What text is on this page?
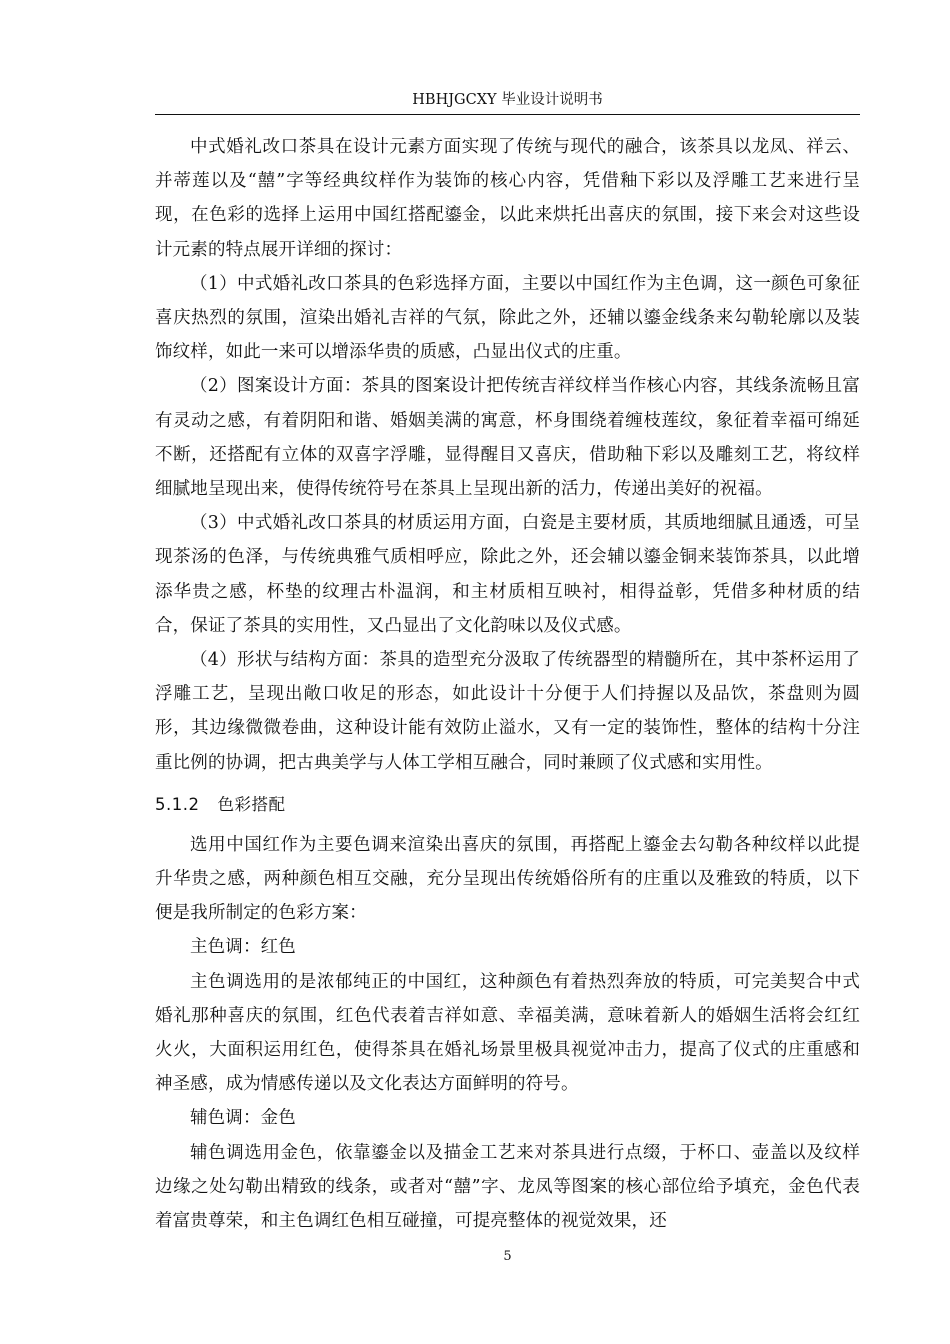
HBHJGCXY 毕业设计说明书

中式婚礼改口茶具在设计元素方面实现了传统与现代的融合，该茶具以龙凤、祥云、并蒂莲以及“囍”字等经典纹样作为装饰的核心内容，凭借釉下彩以及浮雕工艺来进行呈现，在色彩的选择上运用中国红搭配鎏金，以此来烘托出喜庆的氛围，接下来会对这些设计元素的特点展开详细的探讨：

（1）中式婚礼改口茶具的色彩选择方面，主要以中国红作为主色调，这一颜色可象征喜庆热烈的氛围，渲染出婚礼吉祥的气氛，除此之外，还辅以鎏金线条来勾勒轮廓以及装饰纹样，如此一来可以增添华贵的质感，凸显出仪式的庄重。

（2）图案设计方面：茶具的图案设计把传统吉祥纹样当作核心内容，其线条流畅且富有灵动之感，有着阴阳和谐、婚姻美满的寓意，杯身围绕着缠枝莲纹，象征着幸福可绵延不断，还搭配有立体的双喜字浮雕，显得醒目又喜庆，借助釉下彩以及雕刻工艺，将纹样细腻地呈现出来，使得传统符号在茶具上呈现出新的活力，传递出美好的祝福。

（3）中式婚礼改口茶具的材质运用方面，白瓷是主要材质，其质地细腻且通透，可呈现茶汤的色泽，与传统典雅气质相呼应，除此之外，还会辅以鎏金铜来装饰茶具，以此增添华贵之感，杯垫的纹理古朴温润，和主材质相互映衬，相得益彰，凭借多种材质的结合，保证了茶具的实用性，又凸显出了文化韵味以及仪式感。

（4）形状与结构方面：茶具的造型充分汲取了传统器型的精髓所在，其中茶杯运用了浮雕工艺，呈现出敞口收足的形态，如此设计十分便于人们持握以及品饮，茶盘则为圆形，其边缘微微卷曲，这种设计能有效防止溢水，又有一定的装饰性，整体的结构十分注重比例的协调，把古典美学与人体工学相互融合，同时兼顾了仪式感和实用性。

5.1.2 色彩搭配

选用中国红作为主要色调来渲染出喜庆的氛围，再搭配上鎏金去勾勒各种纹样以此提升华贵之感，两种颜色相互交融，充分呈现出传统婚俗所有的庄重以及雅致的特质，以下便是我所制定的色彩方案：

主色调：红色

主色调选用的是浓郁纯正的中国红，这种颜色有着热烈奔放的特质，可完美契合中式婚礼那种喜庆的氛围，红色代表着吉祥如意、幸福美满，意味着新人的婚姻生活将会红红火火，大面积运用红色，使得茶具在婚礼场景里极具视觉冲击力，提高了仪式的庄重感和神圣感，成为情感传递以及文化表达方面鲜明的符号。

辅色调：金色

辅色调选用金色，依靠鎏金以及描金工艺来对茶具进行点缀，于杯口、壶盖以及纹样边缘之处勾勒出精致的线条，或者对“囍”字、龙凤等图案的核心部位给予填充，金色代表着富贵尊荣，和主色调红色相互碰撞，可提亮整体的视觉效果，还

5
